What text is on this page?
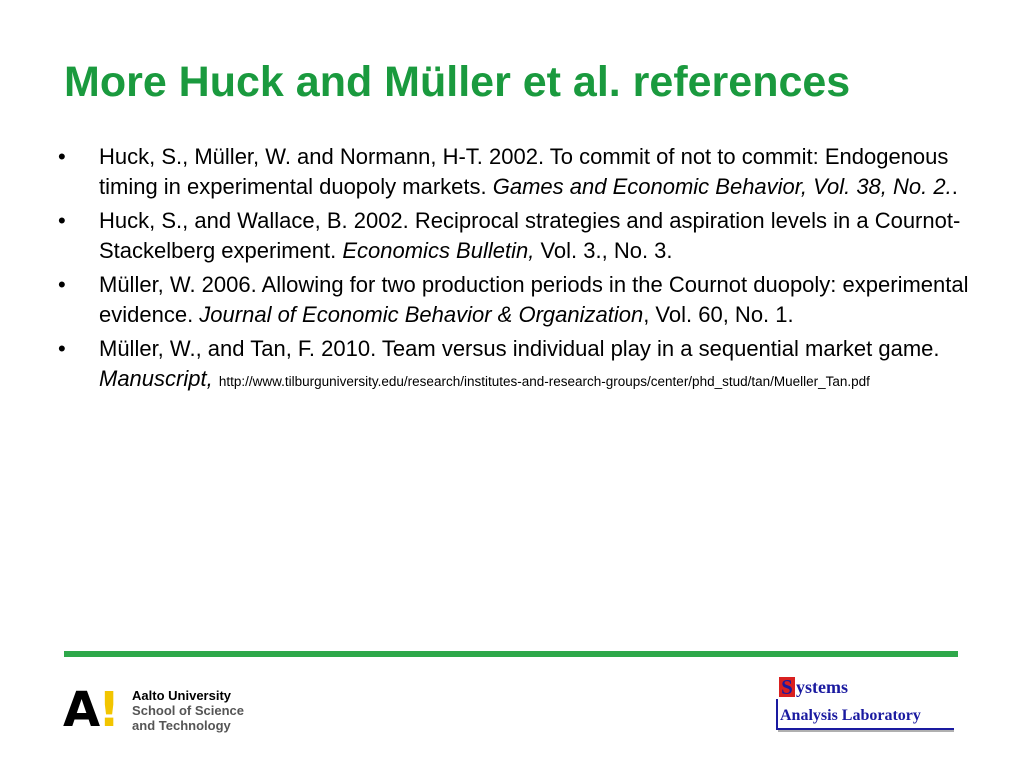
More Huck and Müller et al. references
• Huck, S., Müller, W. and Normann, H-T. 2002. To commit of not to commit: Endogenous timing in experimental duopoly markets. Games and Economic Behavior, Vol. 38, No. 2..
• Huck, S., and Wallace, B. 2002. Reciprocal strategies and aspiration levels in a Cournot-Stackelberg experiment. Economics Bulletin, Vol. 3., No. 3.
• Müller, W. 2006. Allowing for two production periods in the Cournot duopoly: experimental evidence. Journal of Economic Behavior & Organization, Vol. 60, No. 1.
• Müller, W., and Tan, F. 2010. Team versus individual play in a sequential market game. Manuscript, http://www.tilburguniversity.edu/research/institutes-and-research-groups/center/phd_stud/tan/Mueller_Tan.pdf
A
! Aalto University
School of Science
and Technology
S ystems
Analysis Laboratory
